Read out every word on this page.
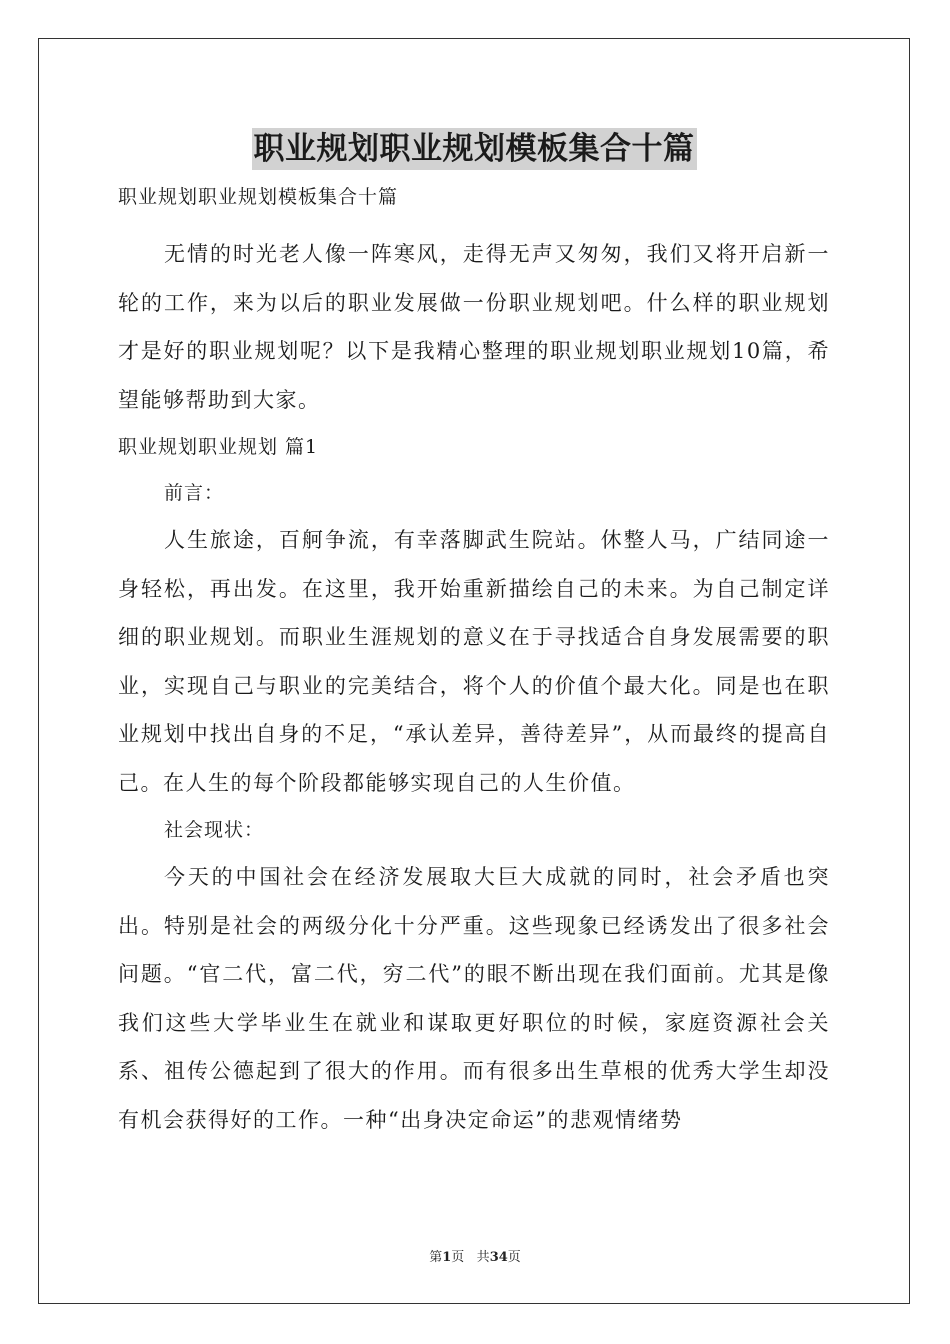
职业规划职业规划模板集合十篇
职业规划职业规划模板集合十篇

无情的时光老人像一阵寒风，走得无声又匆匆，我们又将开启新一轮的工作，来为以后的职业发展做一份职业规划吧。什么样的职业规划才是好的职业规划呢？以下是我精心整理的职业规划职业规划10篇，希望能够帮助到大家。

职业规划职业规划 篇1

前言：

人生旅途，百舸争流，有幸落脚武生院站。休整人马，广结同途一身轻松，再出发。在这里，我开始重新描绘自己的未来。为自己制定详细的职业规划。而职业生涯规划的意义在于寻找适合自身发展需要的职业，实现自己与职业的完美结合，将个人的价值个最大化。同是也在职业规划中找出自身的不足，“承认差异，善待差异”，从而最终的提高自己。在人生的每个阶段都能够实现自己的人生价值。

社会现状：

今天的中国社会在经济发展取大巨大成就的同时，社会矛盾也突出。特别是社会的两级分化十分严重。这些现象已经诱发出了很多社会问题。“官二代，富二代，穷二代”的眼不断出现在我们面前。尤其是像我们这些大学毕业生在就业和谋取更好职位的时候，家庭资源社会关系、祖传公德起到了很大的作用。而有很多出生草根的优秀大学生却没有机会获得好的工作。一种“出身决定命运”的悲观情绪势

第1页 共34页
